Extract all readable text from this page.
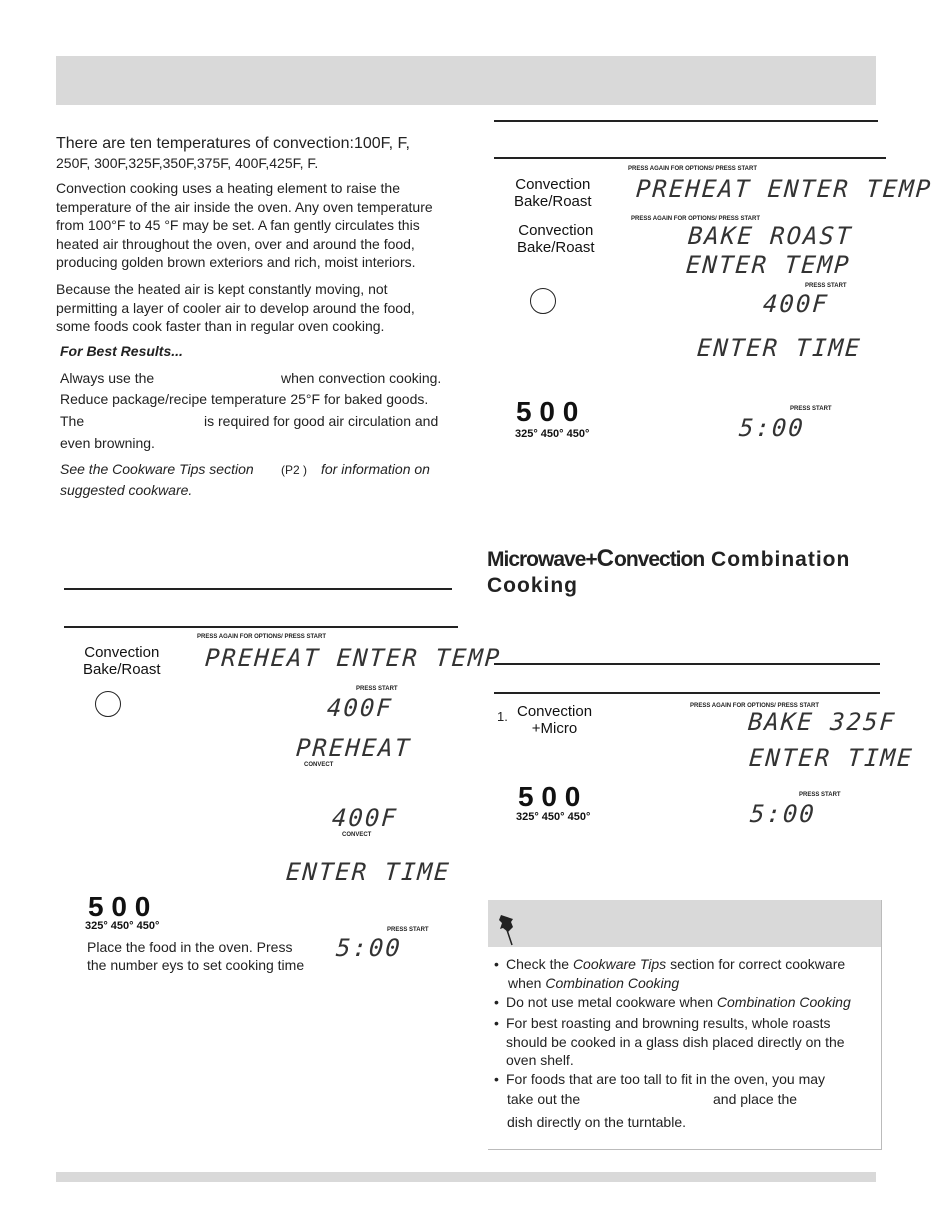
There are ten temperatures of convection:100F, F,
250F, 300F,325F,350F,375F, 400F,425F, F.
Convection cooking uses a heating element to raise the
temperature of the air inside the oven. Any oven temperature
from 100°F to 45 °F may be set. A fan gently circulates this
heated air throughout the oven, over and around the food,
producing golden brown exteriors and rich, moist interiors.
Because the heated air is kept constantly moving, not
permitting a layer of cooler air to develop around the food,
some foods cook faster than in regular oven cooking.
For Best Results...
Always use the	when convection cooking.
Reduce package/recipe temperature 25°F for baked goods.
The	is required for good air circulation and
even browning.
See the Cookware Tips section (P2 ) for information on
suggested cookware.
PRESS AGAIN FOR OPTIONS/ PRESS START
Convection
Bake/Roast PREHEAT ENTER TEMP
PRESS AGAIN FOR OPTIONS/ PRESS START
Convection
Bake/Roast	BAKE ROAST
ENTER TEMP
PRESS START
400F
ENTER TIME
5 0 0
325° 450° 450°
PRESS START
5:00
Microwave+Convection Combination
Cooking
PRESS AGAIN FOR OPTIONS/ PRESS START
1. Convection
+Micro	BAKE 325F
ENTER TIME
5 0 0
325° 450° 450°
PRESS START
5:00
PRESS AGAIN FOR OPTIONS/ PRESS START
Convection
Bake/Roast PREHEAT ENTER TEMP
PRESS START
400F
PREHEAT
CONVECT
400F
CONVECT
ENTER TIME
5 0 0
325° 450° 450°
Place the food in the oven. Press
the number eys to set cooking time
PRESS START
5:00
• Check the Cookware Tips section for correct cookware
when Combination Cooking
• Do not use metal cookware when Combination Cooking
• For best roasting and browning results, whole roasts
should be cooked in a glass dish placed directly on the
oven shelf.
• For foods that are too tall to fit in the oven, you may
take out the	and place the
dish directly on the turntable.
